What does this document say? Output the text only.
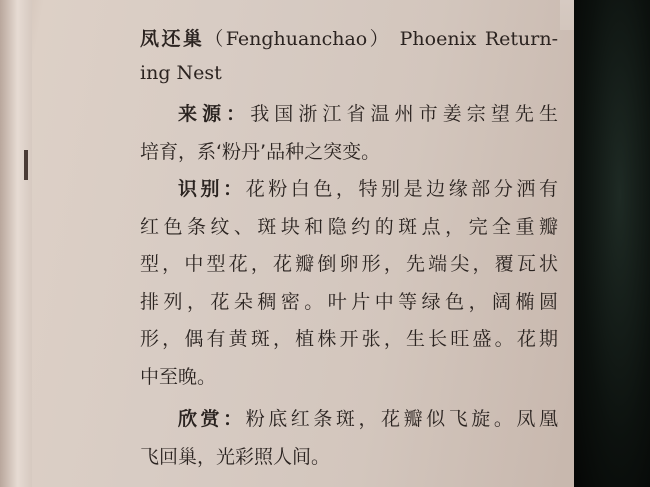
凤还巢（Fenghuanchao） Phoenix Return-
ing Nest
来源：我国浙江省温州市姜宗望先生
培育，系‘粉丹’品种之突变。
识别：花粉白色，特别是边缘部分洒有
红色条纹、斑块和隐约的斑点，完全重瓣
型，中型花，花瓣倒卵形，先端尖，覆瓦状
排列，花朵稠密。叶片中等绿色，阔椭圆
形，偶有黄斑，植株开张，生长旺盛。花期
中至晚。
欣赏：粉底红条斑，花瓣似飞旋。凤凰
飞回巢，光彩照人间。
